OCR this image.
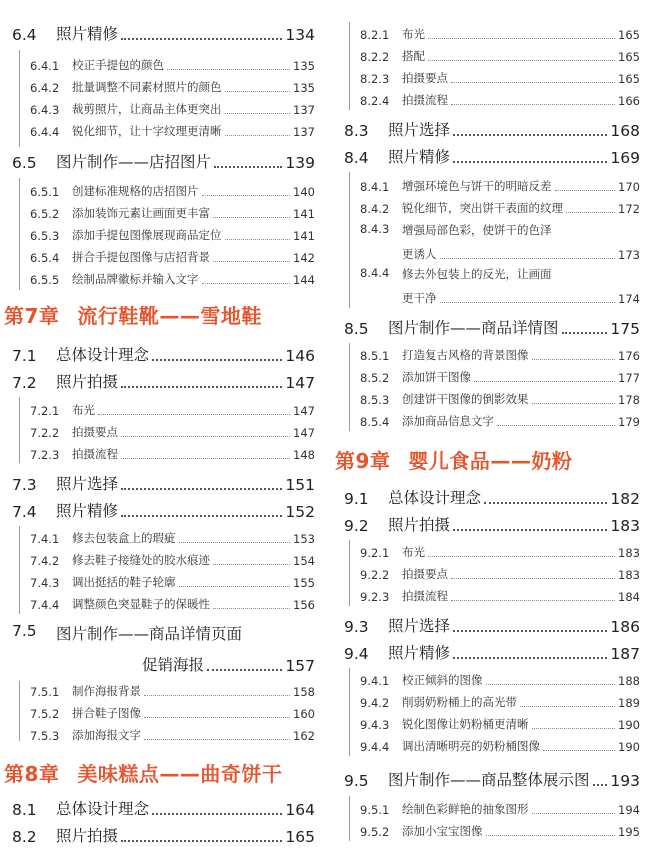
6.4	照片精修	134
6.4.1	校正手提包的颜色	135
6.4.2	批量调整不同素材照片的颜色	135
6.4.3	裁剪照片，让商品主体更突出	137
6.4.4	锐化细节，让十字纹理更清晰	137
6.5	图片制作——店招图片	139
6.5.1	创建标准规格的店招图片	140
6.5.2	添加装饰元素让画面更丰富	141
6.5.3	添加手提包图像展现商品定位	141
6.5.4	拼合手提包图像与店招背景	142
6.5.5	绘制品牌徽标并输入文字	144
第7章 流行鞋靴——雪地鞋
7.1	总体设计理念	146
7.2	照片拍摄	147
7.2.1	布光	147
7.2.2	拍摄要点	147
7.2.3	拍摄流程	148
7.3	照片选择	151
7.4	照片精修	152
7.4.1	修去包装盒上的瑕疵	153
7.4.2	修去鞋子接缝处的胶水痕迹	154
7.4.3	调出挺括的鞋子轮廓	155
7.4.4	调整颜色突显鞋子的保暖性	156
7.5	图片制作——商品详情页面
促销海报	157
7.5.1	制作海报背景	158
7.5.2	拼合鞋子图像	160
7.5.3	添加海报文字	162
第8章 美味糕点——曲奇饼干
8.1	总体设计理念	164
8.2	照片拍摄	165
8.2.1	布光	165
8.2.2	搭配	165
8.2.3	拍摄要点	165
8.2.4	拍摄流程	166
8.3	照片选择	168
8.4	照片精修	169
8.4.1	增强环境色与饼干的明暗反差	170
8.4.2	锐化细节，突出饼干表面的纹理	172
8.4.3	增强局部色彩，使饼干的色泽
更诱人	173
8.4.4	修去外包装上的反光，让画面
更干净	174
8.5	图片制作——商品详情图	175
8.5.1	打造复古风格的背景图像	176
8.5.2	添加饼干图像	177
8.5.3	创建饼干图像的倒影效果	178
8.5.4	添加商品信息文字	179
第9章 婴儿食品——奶粉
9.1	总体设计理念	182
9.2	照片拍摄	183
9.2.1	布光	183
9.2.2	拍摄要点	183
9.2.3	拍摄流程	184
9.3	照片选择	186
9.4	照片精修	187
9.4.1	校正倾斜的图像	188
9.4.2	削弱奶粉桶上的高光带	189
9.4.3	锐化图像让奶粉桶更清晰	190
9.4.4	调出清晰明亮的奶粉桶图像	190
9.5	图片制作——商品整体展示图 193
9.5.1	绘制色彩鲜艳的抽象图形	194
9.5.2	添加小宝宝图像	195
